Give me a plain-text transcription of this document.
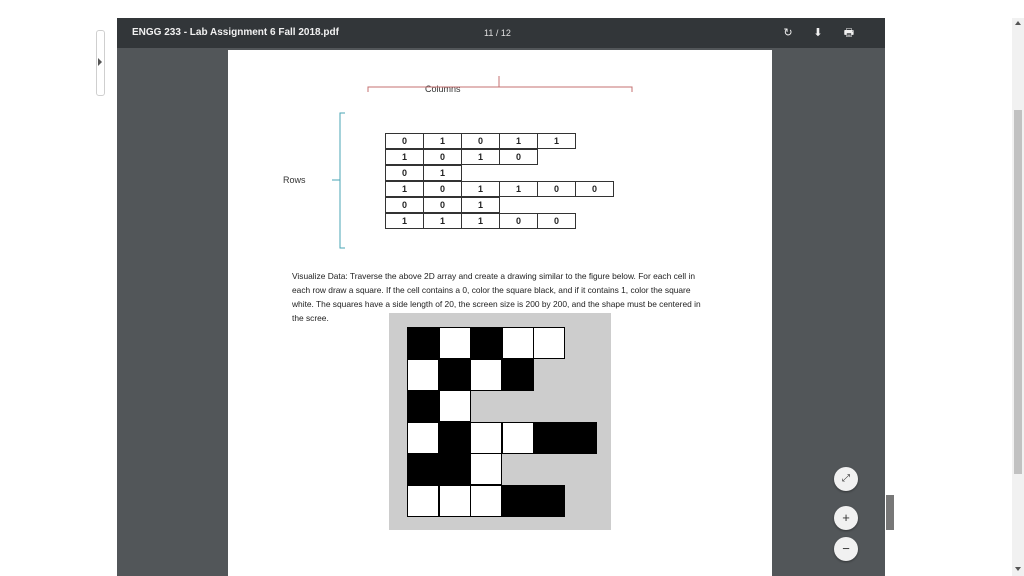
ENGG 233 - Lab Assignment 6 Fall 2018.pdf	11 / 12	↻ ⬇ 🖶
Columns
Rows
0	1	0	1	1
1	0	1	0
0	1
1	0	1	1	0	0
0	0	1
1	1	1	0	0
Visualize Data: Traverse the above 2D array and create a drawing similar to the figure below. For each cell in each row draw a square. If the cell contains a 0, color the square black, and if it contains 1, color the square white. The squares have a side length of 20, the screen size is 200 by 200, and the shape must be centered in the scree.
⤢
+
−
